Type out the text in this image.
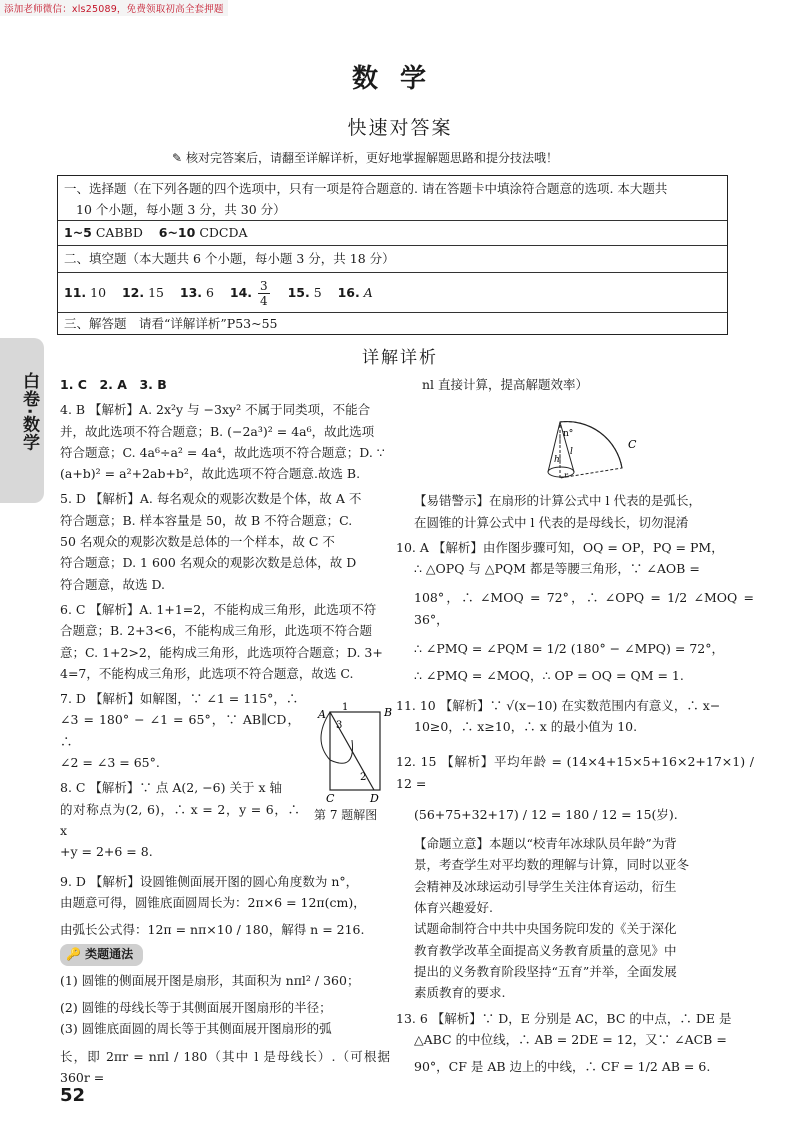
添加老师微信：xls25089，免费领取初高全套押题
数学
快速对答案
✎ 核对完答案后，请翻至详解详析，更好地掌握解题思路和提分技法哦！
一、选择题（在下列各题的四个选项中，只有一项是符合题意的. 请在答题卡中填涂符合题意的选项. 本大题共
10 个小题，每小题 3 分，共 30 分）
1~5 CABBD 6~10 CDCDA
二、填空题（本大题共 6 个小题，每小题 3 分，共 18 分）
11. 10 12. 15 13. 6 14. $\frac{3}{4} 15$. 5 16. A
三、解答题　请看“详解详析”P53~55
白卷·数学
详解详析

1. C　2. A　3. B

4. B 【解析】A. 2x²y 与 −3xy² 不属于同类项，不能合

并，故此选项不符合题意；B. (−2a³)² = 4a⁶，故此选项

符合题意；C. 4a⁶÷a² = 4a⁴，故此选项不符合题意；D. ∵

(a+b)² = a²+2ab+b²，故此选项不符合题意.故选 B.

5. D 【解析】A. 每名观众的观影次数是个体，故 A 不

符合题意；B. 样本容量是 50，故 B 不符合题意；C.

50 名观众的观影次数是总体的一个样本，故 C 不

符合题意；D. 1 600 名观众的观影次数是总体，故 D

符合题意，故选 D.

6. C 【解析】A. 1+1=2，不能构成三角形，此选项不符

合题意；B. 2+3<6，不能构成三角形，此选项不符合题

意；C. 1+2>2，能构成三角形，此选项符合题意；D. 3+

4=7，不能构成三角形，此选项不符合题意，故选 C.

7. D 【解析】如解图，∵ ∠1 = 115°，∴

∠3 = 180° − ∠1 = 65°，∵ AB∥CD，∴

∠2 = ∠3 = 65°.

8. C 【解析】∵ 点 A(2, −6) 关于 x 轴

的对称点为(2, 6)，∴ x = 2，y = 6，∴ x

+y = 2+6 = 8.

9. D 【解析】设圆锥侧面展开图的圆心角度数为 n°，

由题意可得，圆锥底面圆周长为：2π×6 = 12π(cm)，

由弧长公式得：12π = nπ×10 / 180，解得 n = 216.

🔑 类题通法

(1) 圆锥的侧面展开图是扇形，其面积为 nπl² / 360；

(2) 圆锥的母线长等于其侧面展开图扇形的半径；

(3) 圆锥底面圆的周长等于其侧面展开图扇形的弧

长，即 2πr = nπl / 180（其中 l 是母线长）.（可根据 360r =

A	B
C	D
1
2
3
第 7 题解图
n°
l
h
r
C

nl 直接计算，提高解题效率）

【易错警示】在扇形的计算公式中 l 代表的是弧长，

在圆锥的计算公式中 l 代表的是母线长，切勿混淆

10. A 【解析】由作图步骤可知，OQ = OP，PQ = PM，

∴ △OPQ 与 △PQM 都是等腰三角形，∵ ∠AOB =

108°，∴ ∠MOQ = 72°，∴ ∠OPQ = 1/2 ∠MOQ = 36°，

∴ ∠PMQ = ∠PQM = 1/2 (180° − ∠MPQ) = 72°，

∴ ∠PMQ = ∠MOQ，∴ OP = OQ = QM = 1.

11. 10 【解析】∵ √(x−10) 在实数范围内有意义，∴ x−

10≥0，∴ x≥10，∴ x 的最小值为 10.

12. 15 【解析】平均年龄 = (14×4+15×5+16×2+17×1) / 12 =

(56+75+32+17) / 12 = 180 / 12 = 15(岁).

【命题立意】本题以“校青年冰球队员年龄”为背

景，考查学生对平均数的理解与计算，同时以亚冬

会精神及冰球运动引导学生关注体育运动，衍生

体育兴趣爱好.

试题命制符合中共中央国务院印发的《关于深化

教育教学改革全面提高义务教育质量的意见》中

提出的义务教育阶段坚持“五育”并举，全面发展

素质教育的要求.

13. 6 【解析】∵ D，E 分别是 AC，BC 的中点，∴ DE 是

△ABC 的中位线，∴ AB = 2DE = 12，又∵ ∠ACB =

90°，CF 是 AB 边上的中线，∴ CF = 1/2 AB = 6.

52
